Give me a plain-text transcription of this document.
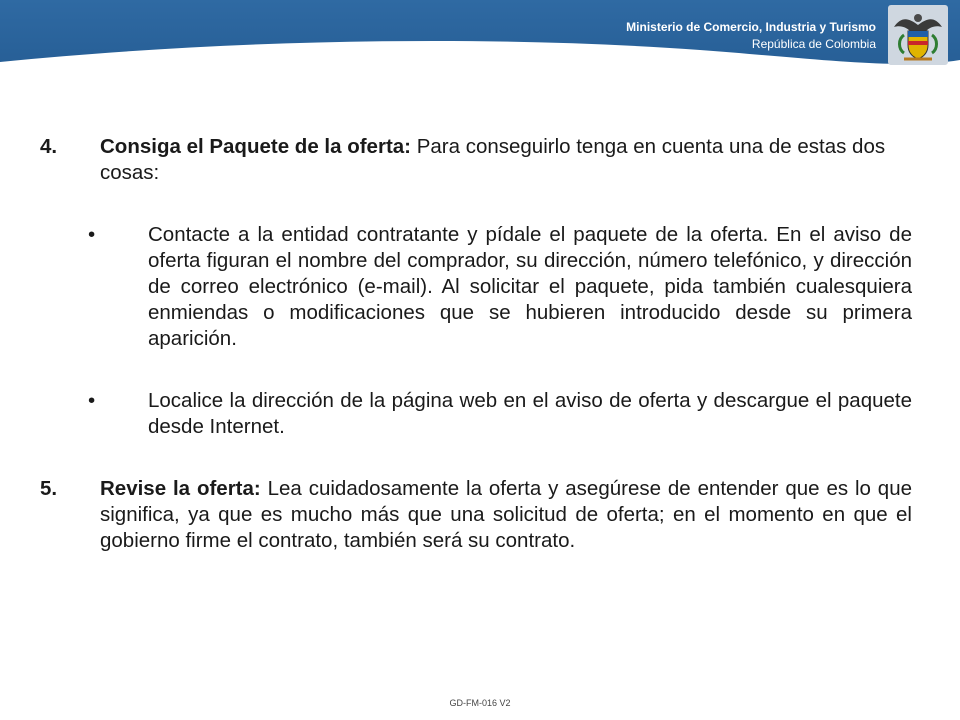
Ministerio de Comercio, Industria y Turismo
República de Colombia
4. Consiga el Paquete de la oferta: Para conseguirlo tenga en cuenta una de estas dos cosas:
•	Contacte a la entidad contratante y pídale el paquete de la oferta. En el aviso de oferta figuran el nombre del comprador, su dirección, número telefónico, y dirección de correo electrónico (e-mail). Al solicitar el paquete, pida también cualesquiera enmiendas o modificaciones que se hubieren introducido desde su primera aparición.
•	Localice la dirección de la página web en el aviso de oferta y descargue el paquete desde Internet.
5. Revise la oferta: Lea cuidadosamente la oferta y asegúrese de entender que es lo que significa, ya que es mucho más que una solicitud de oferta; en el momento en que el gobierno firme el contrato, también será su contrato.
GD-FM-016 V2
